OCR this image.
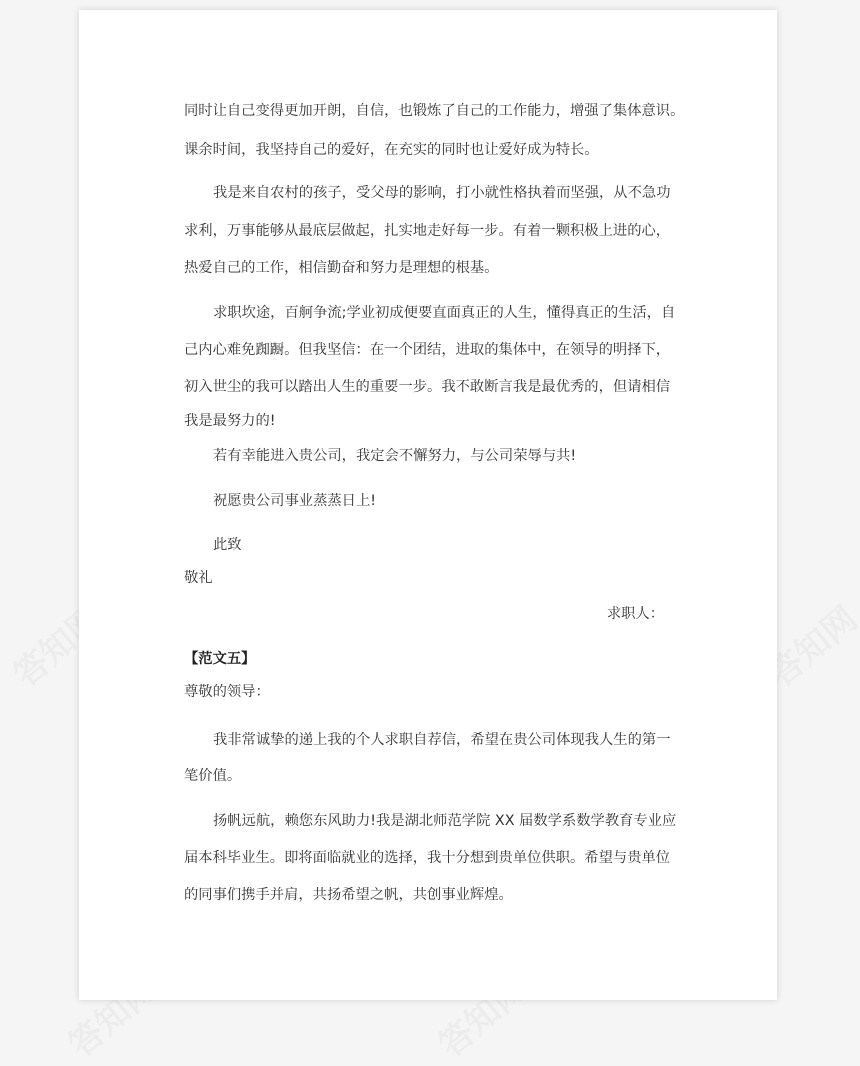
同时让自己变得更加开朗，自信，也锻炼了自己的工作能力，增强了集体意识。
课余时间，我坚持自己的爱好，在充实的同时也让爱好成为特长。
我是来自农村的孩子，受父母的影响，打小就性格执着而坚强，从不急功
求利，万事能够从最底层做起，扎实地走好每一步。有着一颗积极上进的心，
热爱自己的工作，相信勤奋和努力是理想的根基。
求职坎途，百舸争流;学业初成便要直面真正的人生，懂得真正的生活，自
己内心难免踟蹰。但我坚信：在一个团结，进取的集体中，在领导的明择下，
初入世尘的我可以踏出人生的重要一步。我不敢断言我是最优秀的，但请相信
我是最努力的!
若有幸能进入贵公司，我定会不懈努力，与公司荣辱与共!
祝愿贵公司事业蒸蒸日上!
此致
敬礼
求职人：
【范文五】
尊敬的领导：
我非常诚挚的递上我的个人求职自荐信，希望在贵公司体现我人生的第一
笔价值。
扬帆远航，赖您东风助力!我是湖北师范学院 XX 届数学系数学教育专业应
届本科毕业生。即将面临就业的选择，我十分想到贵单位供职。希望与贵单位
的同事们携手并肩，共扬希望之帆，共创事业辉煌。
